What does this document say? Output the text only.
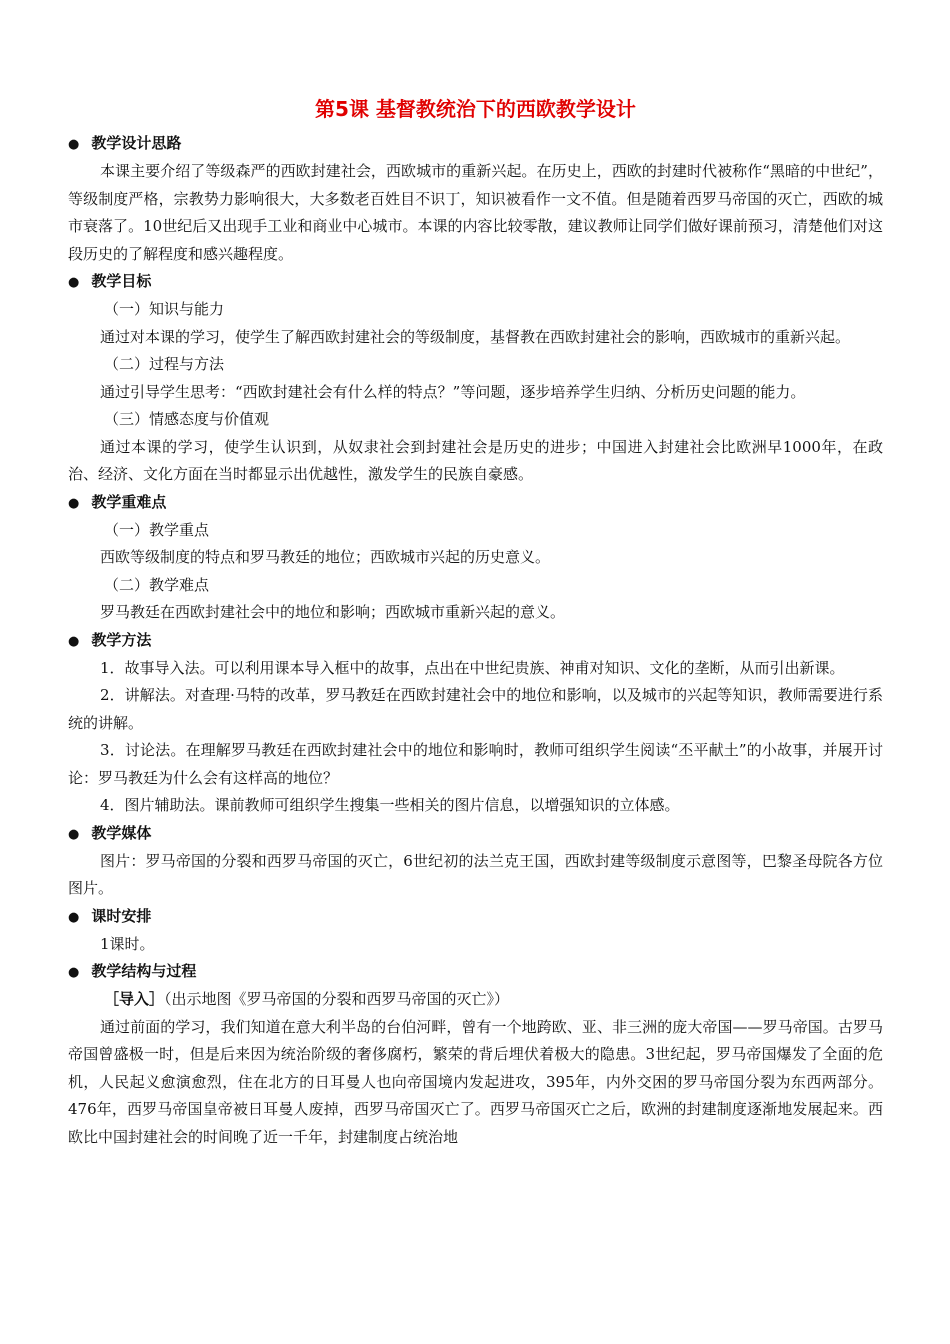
第5课 基督教统治下的西欧教学设计
● 教学设计思路

本课主要介绍了等级森严的西欧封建社会，西欧城市的重新兴起。在历史上，西欧的封建时代被称作“黑暗的中世纪”，等级制度严格，宗教势力影响很大，大多数老百姓目不识丁，知识被看作一文不值。但是随着西罗马帝国的灭亡，西欧的城市衰落了。10世纪后又出现手工业和商业中心城市。本课的内容比较零散，建议教师让同学们做好课前预习，清楚他们对这段历史的了解程度和感兴趣程度。

● 教学目标

（一）知识与能力

通过对本课的学习，使学生了解西欧封建社会的等级制度，基督教在西欧封建社会的影响，西欧城市的重新兴起。

（二）过程与方法

通过引导学生思考：“西欧封建社会有什么样的特点？”等问题，逐步培养学生归纳、分析历史问题的能力。

（三）情感态度与价值观

通过本课的学习，使学生认识到，从奴隶社会到封建社会是历史的进步；中国进入封建社会比欧洲早1000年，在政治、经济、文化方面在当时都显示出优越性，激发学生的民族自豪感。

● 教学重难点

（一）教学重点

西欧等级制度的特点和罗马教廷的地位；西欧城市兴起的历史意义。

（二）教学难点

罗马教廷在西欧封建社会中的地位和影响；西欧城市重新兴起的意义。

● 教学方法

1．故事导入法。可以利用课本导入框中的故事，点出在中世纪贵族、神甫对知识、文化的垄断，从而引出新课。

2．讲解法。对查理·马特的改革，罗马教廷在西欧封建社会中的地位和影响，以及城市的兴起等知识，教师需要进行系统的讲解。

3．讨论法。在理解罗马教廷在西欧封建社会中的地位和影响时，教师可组织学生阅读“丕平献土”的小故事，并展开讨论：罗马教廷为什么会有这样高的地位？

4．图片辅助法。课前教师可组织学生搜集一些相关的图片信息，以增强知识的立体感。

● 教学媒体

图片：罗马帝国的分裂和西罗马帝国的灭亡，6世纪初的法兰克王国，西欧封建等级制度示意图等，巴黎圣母院各方位图片。

● 课时安排

1课时。

● 教学结构与过程

［导入］（出示地图《罗马帝国的分裂和西罗马帝国的灭亡》）

通过前面的学习，我们知道在意大利半岛的台伯河畔，曾有一个地跨欧、亚、非三洲的庞大帝国——罗马帝国。古罗马帝国曾盛极一时，但是后来因为统治阶级的奢侈腐朽，繁荣的背后埋伏着极大的隐患。3世纪起，罗马帝国爆发了全面的危机，人民起义愈演愈烈，住在北方的日耳曼人也向帝国境内发起进攻，395年，内外交困的罗马帝国分裂为东西两部分。476年，西罗马帝国皇帝被日耳曼人废掉，西罗马帝国灭亡了。西罗马帝国灭亡之后，欧洲的封建制度逐渐地发展起来。西欧比中国封建社会的时间晚了近一千年，封建制度占统治地
